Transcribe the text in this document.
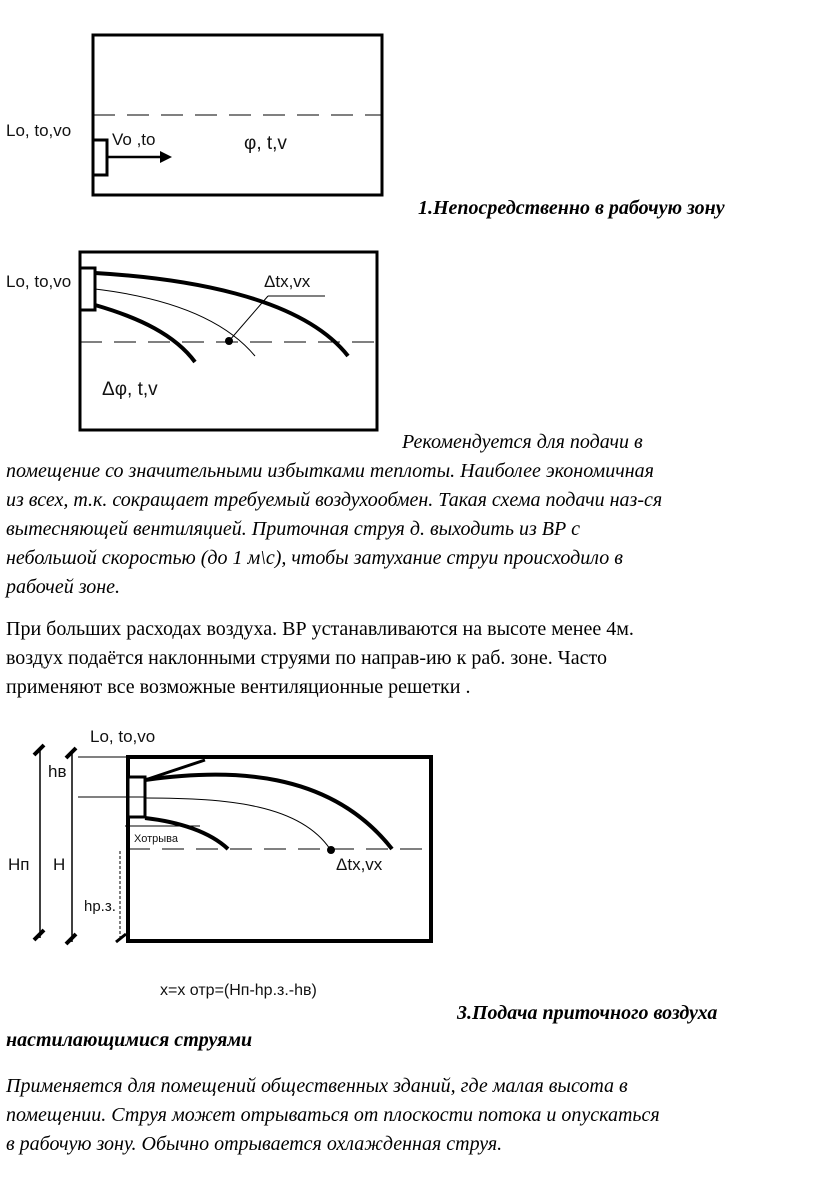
Lo, to,vo Vo ,to	φ, t,v
1.Непосредственно в рабочую зону
Lo, to,vo	Δtx,vx
Δφ, t,v

Рекомендуется для подачи в

помещение со значительными избытками теплоты. Наиболее экономичная

из всех, т.к. сокращает требуемый воздухообмен. Такая схема подачи наз-ся

вытесняющей вентиляцией. Приточная струя д. выходить из ВР с

небольшой скоростью (до 1 м\с), чтобы затухание струи происходило в

рабочей зоне.

При больших расходах воздуха. ВР устанавливаются на высоте менее 4м.

воздух подаётся наклонными струями по направ-ию к раб. зоне. Часто

применяют все возможные вентиляционные решетки .

Lo, to,vo
hв
Hп H
hр.з.
Хотрыва
Δtx,vx
x=x отр=(Hп-hр.з.-hв)
3.Подача приточного воздуха
настилающимися струями

Применяется для помещений общественных зданий, где малая высота в

помещении. Струя может отрываться от плоскости потока и опускаться

в рабочую зону. Обычно отрывается охлажденная струя.
